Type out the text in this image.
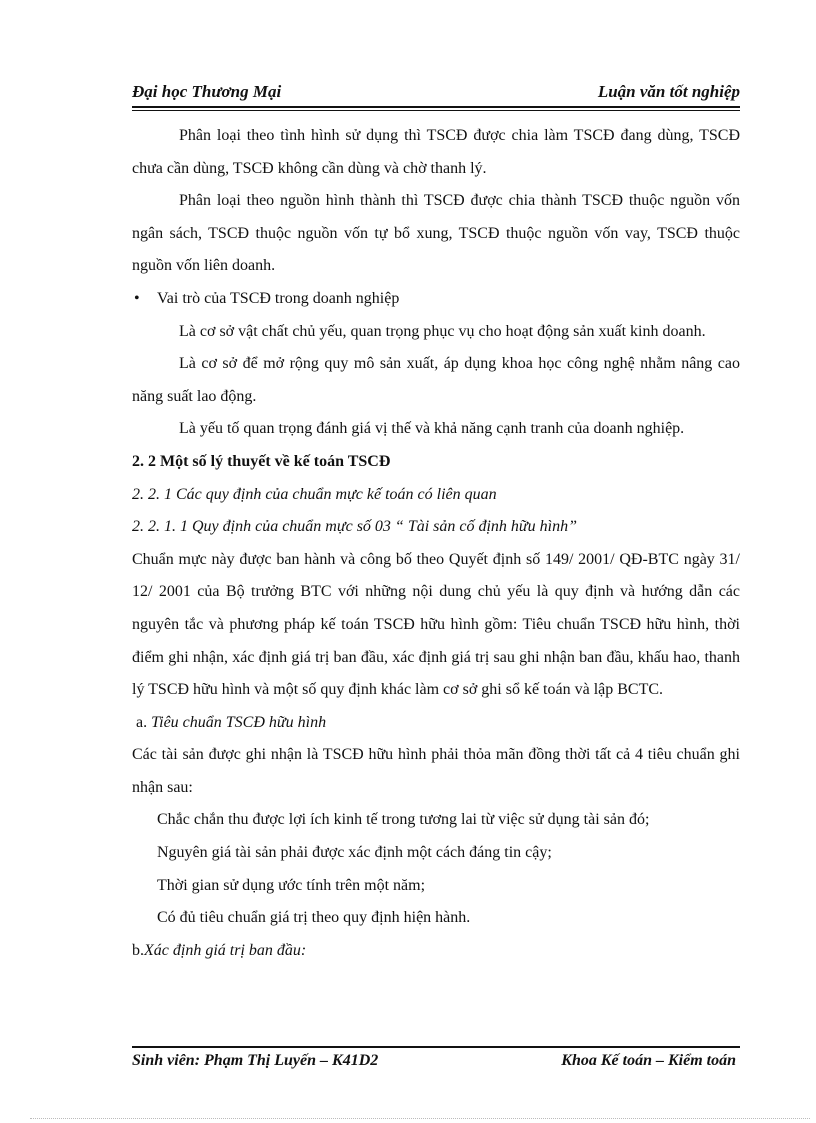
Đại học Thương Mại	Luận văn tốt nghiệp

Phân loại theo tình hình sử dụng thì TSCĐ được chia làm TSCĐ đang dùng, TSCĐ chưa cần dùng, TSCĐ không cần dùng và chờ thanh lý.

Phân loại theo nguồn hình thành thì TSCĐ được chia thành TSCĐ thuộc nguồn vốn ngân sách, TSCĐ thuộc nguồn vốn tự bổ xung, TSCĐ thuộc nguồn vốn vay, TSCĐ thuộc nguồn vốn liên doanh.

• Vai trò của TSCĐ trong doanh nghiệp

Là cơ sở vật chất chủ yếu, quan trọng phục vụ cho hoạt động sản xuất kinh doanh.

Là cơ sở để mở rộng quy mô sản xuất, áp dụng khoa học công nghệ nhằm nâng cao năng suất lao động.

Là yếu tố quan trọng đánh giá vị thế và khả năng cạnh tranh của doanh nghiệp.

2. 2 Một số lý thuyết về kế toán TSCĐ

2. 2. 1 Các quy định của chuẩn mực kế toán có liên quan

2. 2. 1. 1 Quy định của chuẩn mực số 03 “ Tài sản cố định hữu hình”

Chuẩn mực này được ban hành và công bố theo Quyết định số 149/ 2001/ QĐ-BTC ngày 31/ 12/ 2001 của Bộ trưởng BTC với những nội dung chủ yếu là quy định và hướng dẫn các nguyên tắc và phương pháp kế toán TSCĐ hữu hình gồm: Tiêu chuẩn TSCĐ hữu hình, thời điểm ghi nhận, xác định giá trị ban đầu, xác định giá trị sau ghi nhận ban đầu, khấu hao, thanh lý TSCĐ hữu hình và một số quy định khác làm cơ sở ghi sổ kế toán và lập BCTC.

a. Tiêu chuẩn TSCĐ hữu hình

Các tài sản được ghi nhận là TSCĐ hữu hình phải thỏa mãn đồng thời tất cả 4 tiêu chuẩn ghi nhận sau:

Chắc chắn thu được lợi ích kinh tế trong tương lai từ việc sử dụng tài sản đó;

Nguyên giá tài sản phải được xác định một cách đáng tin cậy;

Thời gian sử dụng ước tính trên một năm;

Có đủ tiêu chuẩn giá trị theo quy định hiện hành.

b.Xác định giá trị ban đầu:

Sinh viên: Phạm Thị Luyến – K41D2	Khoa Kế toán – Kiểm toán
